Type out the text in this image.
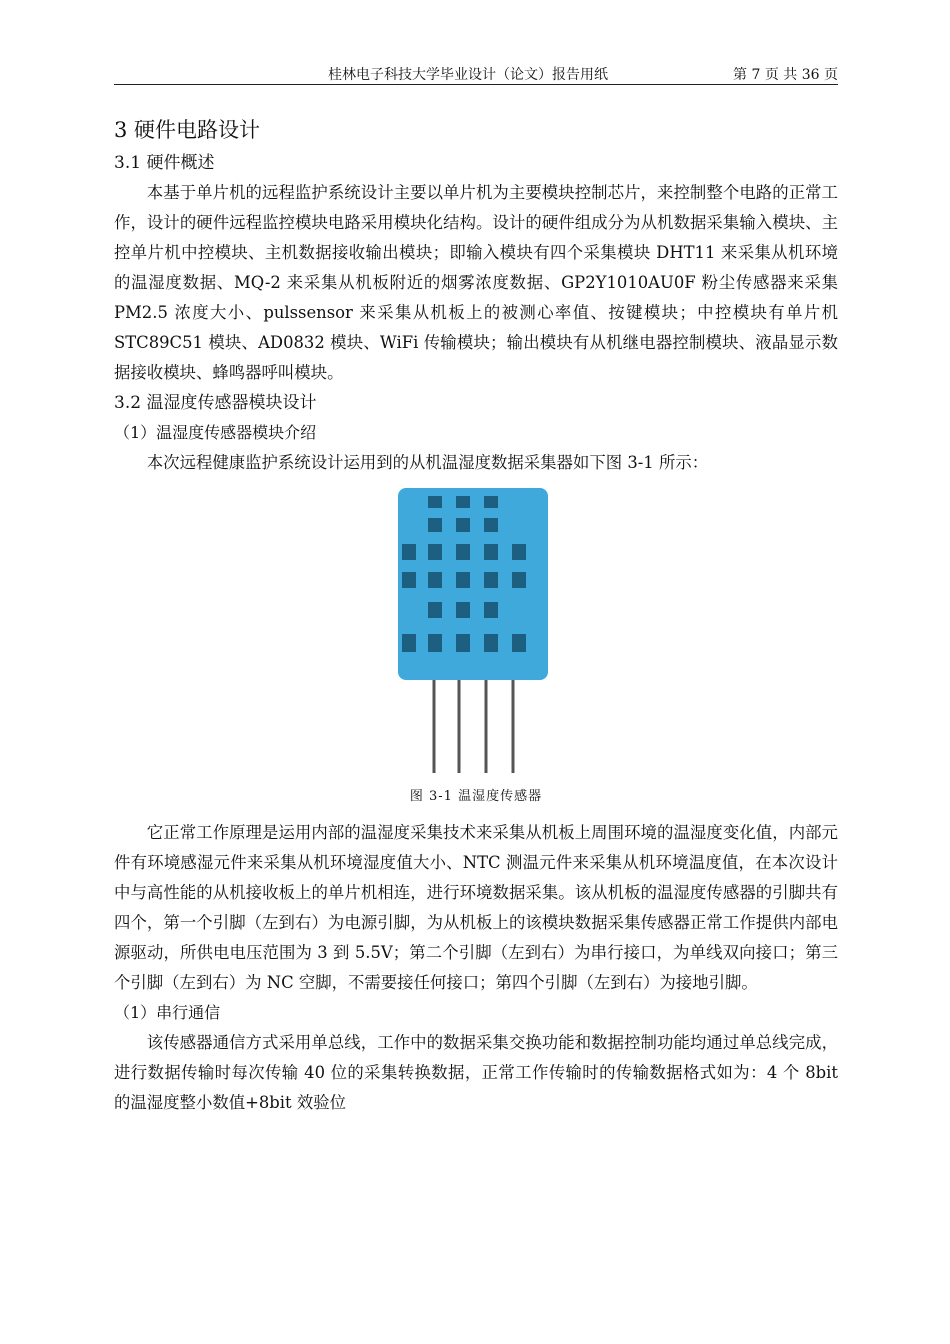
桂林电子科技大学毕业设计（论文）报告用纸	第 7 页 共 36 页
3 硬件电路设计
3.1 硬件概述

本基于单片机的远程监护系统设计主要以单片机为主要模块控制芯片，来控制整个电路的正常工作，设计的硬件远程监控模块电路采用模块化结构。设计的硬件组成分为从机数据采集输入模块、主控单片机中控模块、主机数据接收输出模块；即输入模块有四个采集模块 DHT11 来采集从机环境的温湿度数据、MQ-2 来采集从机板附近的烟雾浓度数据、GP2Y1010AU0F 粉尘传感器来采集 PM2.5 浓度大小、pulssensor 来采集从机板上的被测心率值、按键模块；中控模块有单片机 STC89C51 模块、AD0832 模块、WiFi 传输模块；输出模块有从机继电器控制模块、液晶显示数据接收模块、蜂鸣器呼叫模块。

3.2 温湿度传感器模块设计
（1）温湿度传感器模块介绍

本次远程健康监护系统设计运用到的从机温湿度数据采集器如下图 3-1 所示：

图 3-1 温湿度传感器

它正常工作原理是运用内部的温湿度采集技术来采集从机板上周围环境的温湿度变化值，内部元件有环境感湿元件来采集从机环境湿度值大小、NTC 测温元件来采集从机环境温度值，在本次设计中与高性能的从机接收板上的单片机相连，进行环境数据采集。该从机板的温湿度传感器的引脚共有四个，第一个引脚（左到右）为电源引脚，为从机板上的该模块数据采集传感器正常工作提供内部电源驱动，所供电电压范围为 3 到 5.5V；第二个引脚（左到右）为串行接口，为单线双向接口；第三个引脚（左到右）为 NC 空脚，不需要接任何接口；第四个引脚（左到右）为接地引脚。

（1）串行通信

该传感器通信方式采用单总线，工作中的数据采集交换功能和数据控制功能均通过单总线完成，进行数据传输时每次传输 40 位的采集转换数据，正常工作传输时的传输数据格式如为：4 个 8bit 的温湿度整小数值+8bit 效验位
